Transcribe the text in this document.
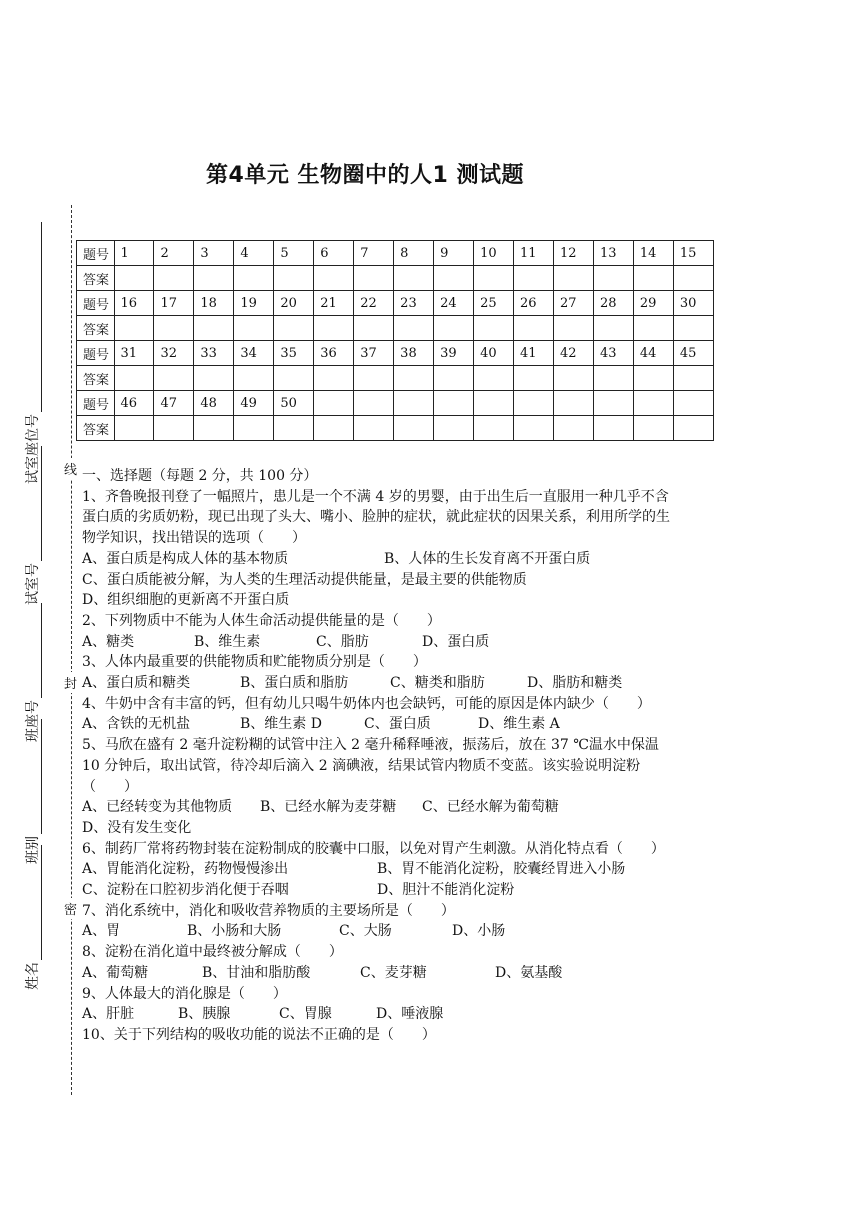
第4单元 生物圈中的人1 测试题
线
封
密
姓名
班别
班座号
试室号
试室座位号
题号	1	2	3	4	5	6	7	8	9	10	11	12	13	14	15
答案															
题号	16	17	18	19	20	21	22	23	24	25	26	27	28	29	30
答案															
题号	31	32	33	34	35	36	37	38	39	40	41	42	43	44	45
答案															
题号	46	47	48	49	50										
答案															
一、选择题（每题 2 分，共 100 分）
1、齐鲁晚报刊登了一幅照片，患儿是一个不满 4 岁的男婴，由于出生后一直服用一种几乎不含蛋白质的劣质奶粉，现已出现了头大、嘴小、脸肿的症状，就此症状的因果关系，利用所学的生物学知识，找出错误的选项（　　）
A、蛋白质是构成人体的基本物质	B、人体的生长发育离不开蛋白质
C、蛋白质能被分解，为人类的生理活动提供能量，是最主要的供能物质
D、组织细胞的更新离不开蛋白质
2、下列物质中不能为人体生命活动提供能量的是（　　）
A、糖类	B、维生素	C、脂肪	D、蛋白质
3、人体内最重要的供能物质和贮能物质分别是（　　）
A、蛋白质和糖类	B、蛋白质和脂肪	C、糖类和脂肪	D、脂肪和糖类
4、牛奶中含有丰富的钙，但有幼儿只喝牛奶体内也会缺钙，可能的原因是体内缺少（　　）
A、含铁的无机盐	B、维生素 D	C、蛋白质	D、维生素 A
5、马欣在盛有 2 毫升淀粉糊的试管中注入 2 毫升稀释唾液，振荡后，放在 37 ℃温水中保温 10 分钟后，取出试管，待冷却后滴入 2 滴碘液，结果试管内物质不变蓝。该实验说明淀粉（　　）
A、已经转变为其他物质 B、已经水解为麦芽糖 C、已经水解为葡萄糖D、没有发生变化
6、制药厂常将药物封装在淀粉制成的胶囊中口服，以免对胃产生刺激。从消化特点看（　　）
A、胃能消化淀粉，药物慢慢渗出	B、胃不能消化淀粉，胶囊经胃进入小肠
C、淀粉在口腔初步消化便于吞咽	D、胆汁不能消化淀粉
7、消化系统中，消化和吸收营养物质的主要场所是（　　）
A、胃	B、小肠和大肠	C、大肠	D、小肠
8、淀粉在消化道中最终被分解成（　　）
A、葡萄糖	B、甘油和脂肪酸	C、麦芽糖	D、氨基酸
9、人体最大的消化腺是（　　）
A、肝脏	B、胰腺	C、胃腺	D、唾液腺
10、关于下列结构的吸收功能的说法不正确的是（　　）
